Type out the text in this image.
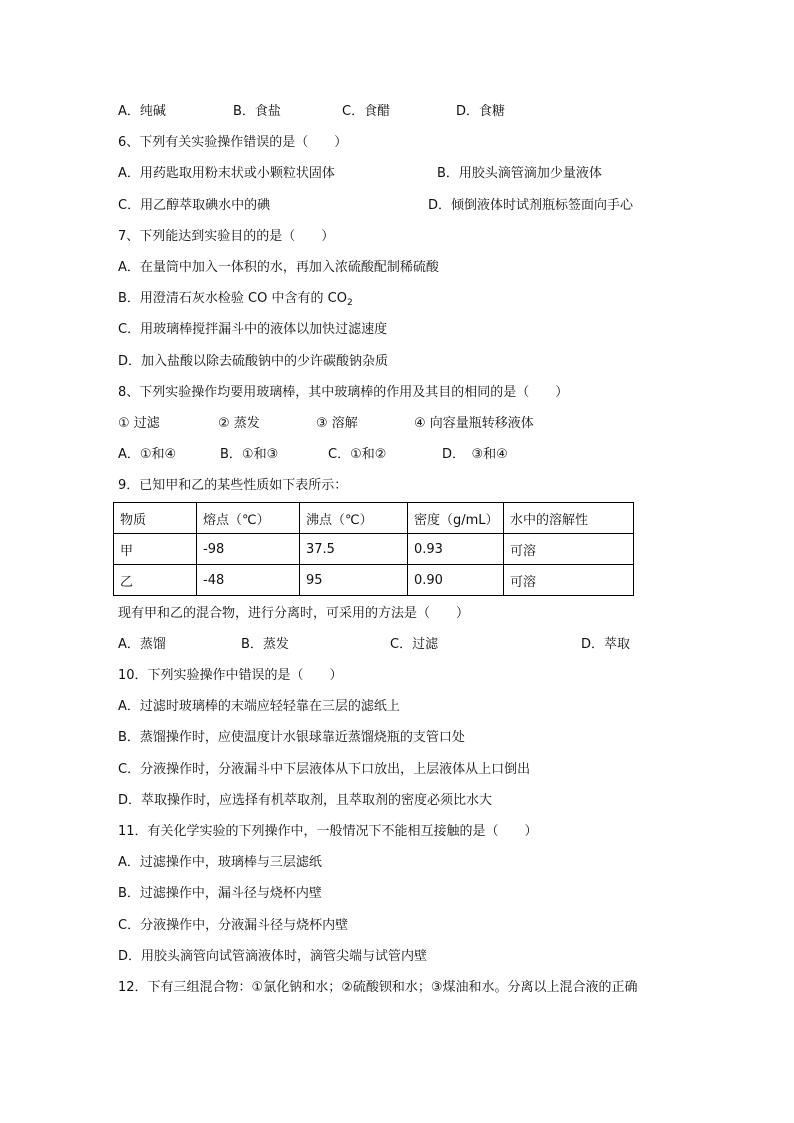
A．纯碱	B．食盐	C．食醋	D．食糖
6、下列有关实验操作错误的是（　　）
A．用药匙取用粉末状或小颗粒状固体	B．用胶头滴管滴加少量液体
C．用乙醇萃取碘水中的碘	D．倾倒液体时试剂瓶标签面向手心
7、下列能达到实验目的的是（　　）
A．在量筒中加入一体积的水，再加入浓硫酸配制稀硫酸
B．用澄清石灰水检验 CO 中含有的 $CO_2$
C．用玻璃棒搅拌漏斗中的液体以加快过滤速度
D．加入盐酸以除去硫酸钠中的少许碳酸钠杂质
8、下列实验操作均要用玻璃棒，其中玻璃棒的作用及其目的相同的是（　　）
① 过滤	② 蒸发	③ 溶解	④ 向容量瓶转移液体
A．①和④	B．①和③	C．①和②	D．　③和④
9．已知甲和乙的某些性质如下表所示：
物质	熔点（℃）	沸点（℃）	密度（g/mL）	水中的溶解性
甲	-98	37.5	0.93	可溶
乙	-48	95	0.90	可溶
现有甲和乙的混合物，进行分离时，可采用的方法是（　　）
A．蒸馏	B．蒸发	C．过滤	D．萃取
10．下列实验操作中错误的是（　　）
A．过滤时玻璃棒的末端应轻轻靠在三层的滤纸上
B．蒸馏操作时，应使温度计水银球靠近蒸馏烧瓶的支管口处
C．分液操作时，分液漏斗中下层液体从下口放出，上层液体从上口倒出
D．萃取操作时，应选择有机萃取剂，且萃取剂的密度必须比水大
11．有关化学实验的下列操作中，一般情况下不能相互接触的是（　　）
A．过滤操作中，玻璃棒与三层滤纸
B．过滤操作中，漏斗径与烧杯内壁
C．分液操作中，分液漏斗径与烧杯内壁
D．用胶头滴管向试管滴液体时，滴管尖端与试管内壁
12．下有三组混合物：①氯化钠和水；②硫酸钡和水；③煤油和水。分离以上混合液的正确
